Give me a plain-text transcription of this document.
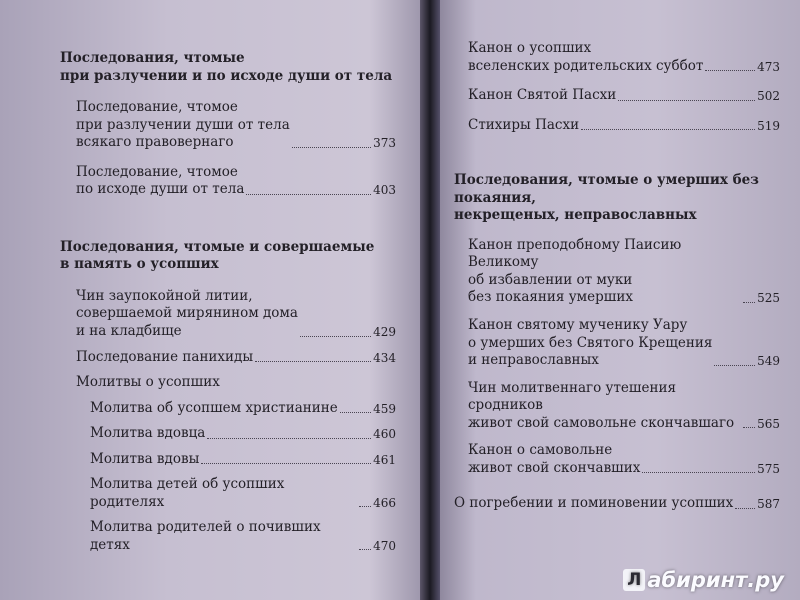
Последования, чтомые
при разлучении и по исходе души от тела
Последование, чтомое
при разлучении души от тела
всякаго правовернаго	373
Последование, чтомое
по исходе души от тела	403
Последования, чтомые и совершаемые
в память о усопших
Чин заупокойной литии,
совершаемой мирянином дома
и на кладбище	429
Последование панихиды	434
Молитвы о усопших
Молитва об усопшем христианине	459
Молитва вдовца	460
Молитва вдовы	461
Молитва детей об усопших родителях	466
Молитва родителей о почивших детях	470
Канон о усопших
вселенских родительских суббот	473
Канон Святой Пасхи	502
Стихиры Пасхи	519
Последования, чтомые о умерших без покаяния,
некрещеных, неправославных
Канон преподобному Паисию Великому
об избавлении от муки
без покаяния умерших	525
Канон святому мученику Уару
о умерших без Святого Крещения
и неправославных	549
Чин молитвеннаго утешения сродников
живот свой самовольне скончавшаго	565
Канон о самовольне
живот свой скончавших	575
О погребении и поминовении усопших 587
Л абиринт.ру
